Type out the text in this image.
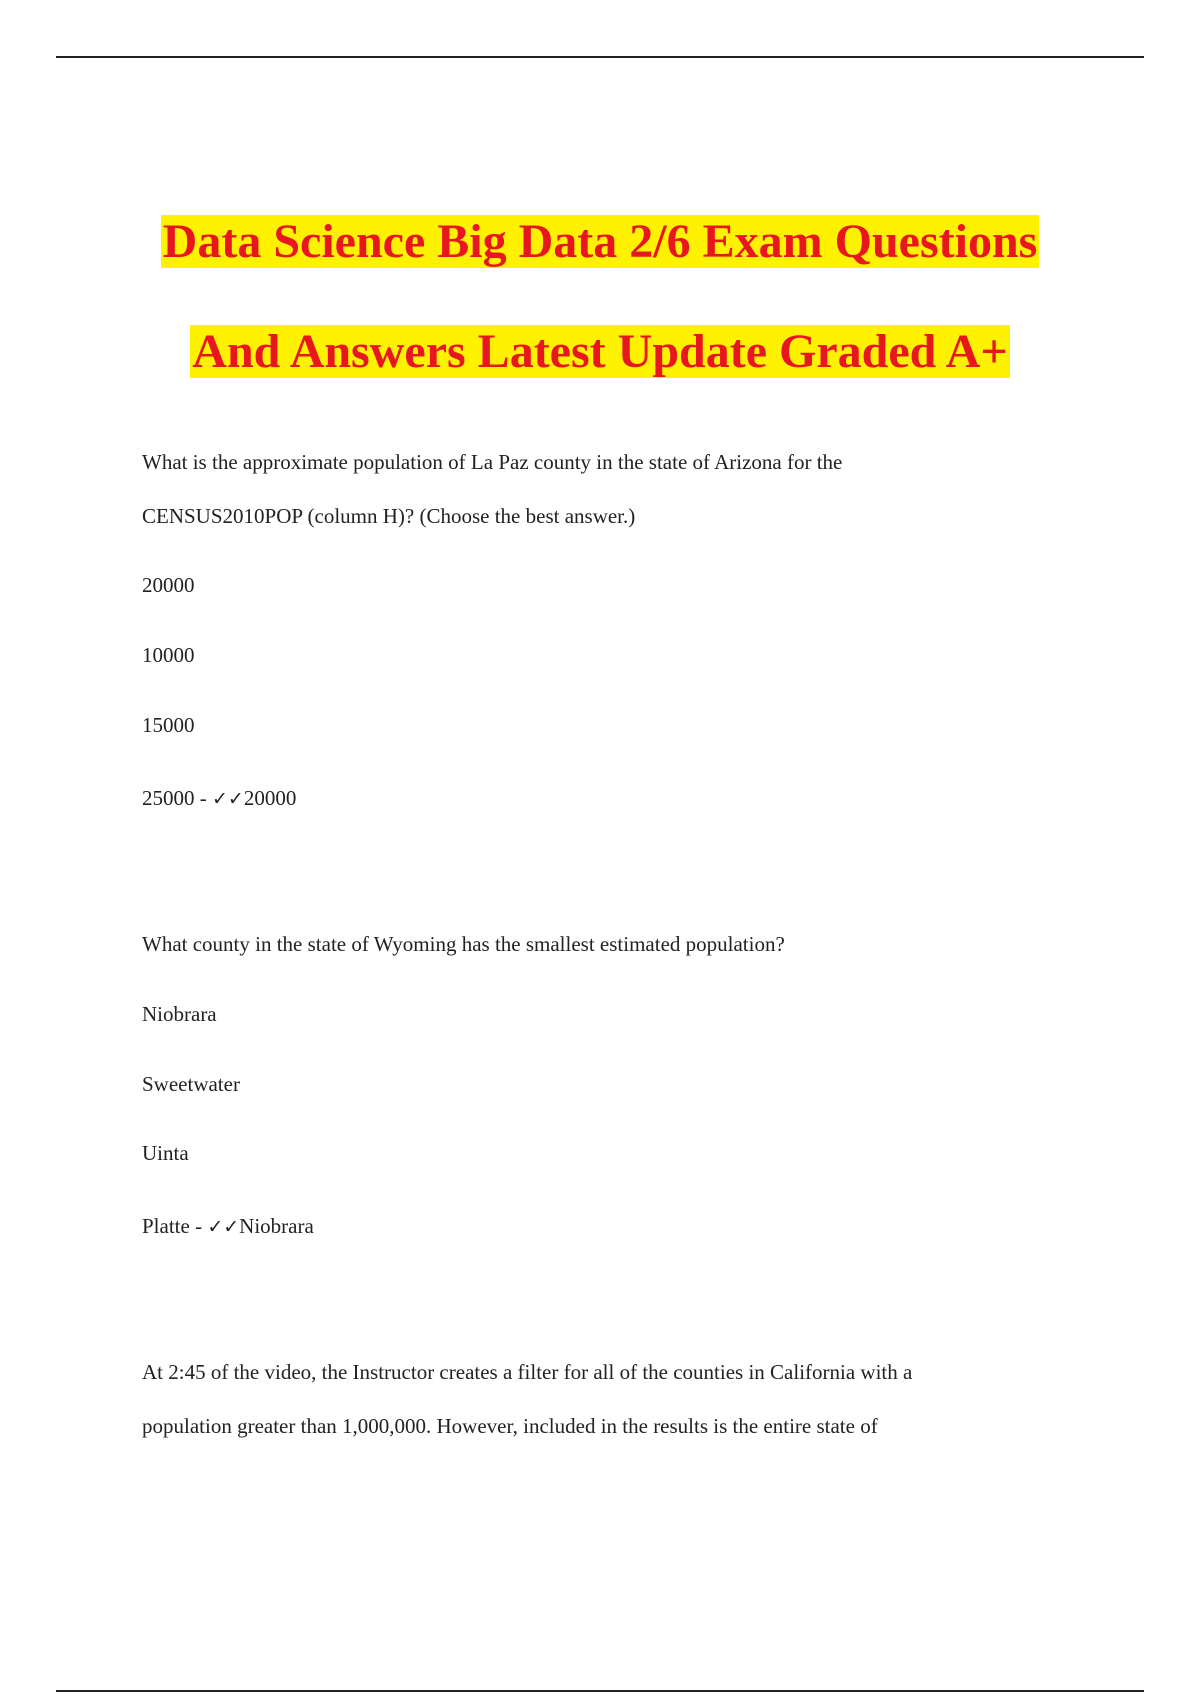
Data Science Big Data 2/6 Exam Questions
And Answers Latest Update Graded A+
What is the approximate population of La Paz county in the state of Arizona for the
CENSUS2010POP (column H)? (Choose the best answer.)
20000
10000
15000
25000 - ✓✓20000
What county in the state of Wyoming has the smallest estimated population?
Niobrara
Sweetwater
Uinta
Platte - ✓✓Niobrara
At 2:45 of the video, the Instructor creates a filter for all of the counties in California with a
population greater than 1,000,000. However, included in the results is the entire state of
